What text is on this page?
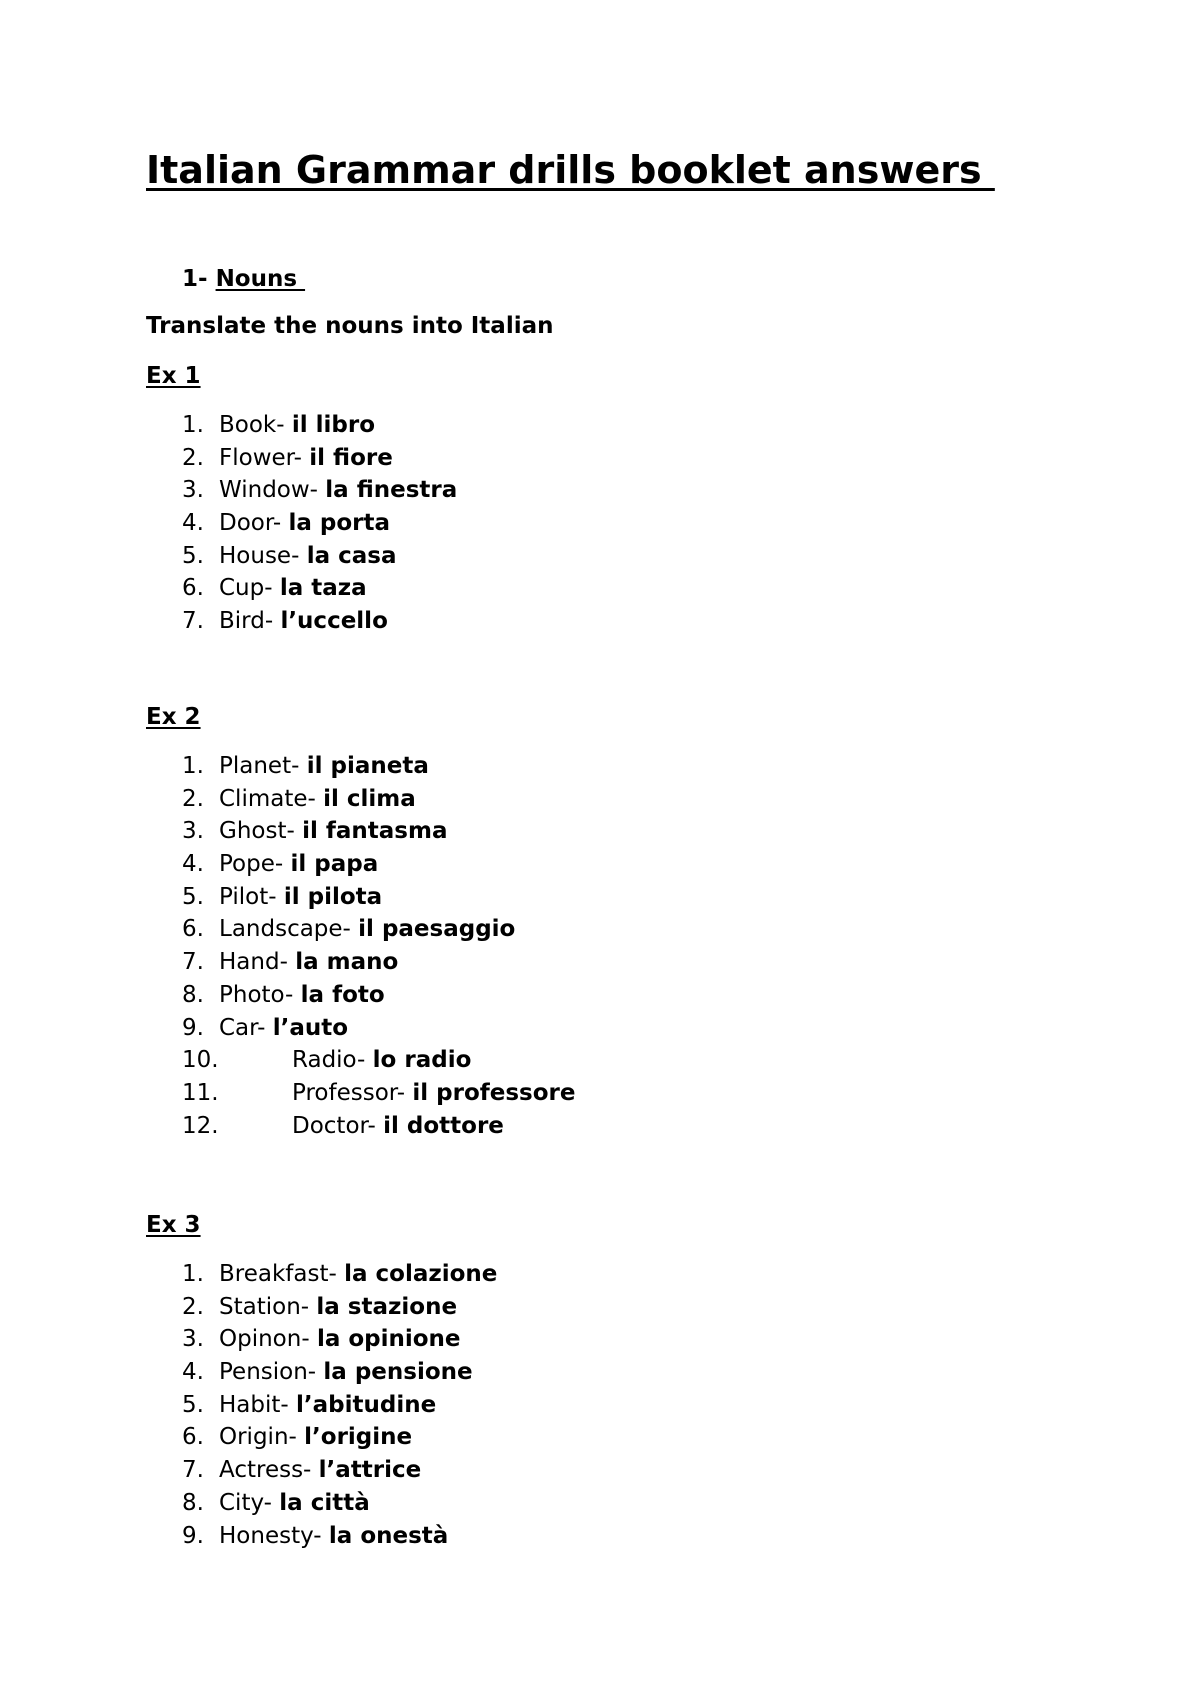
Italian Grammar drills booklet answers
1- Nouns
Translate the nouns into Italian
Ex 1
1. Book- il libro
2. Flower- il fiore
3. Window- la finestra
4. Door- la porta
5. House- la casa
6. Cup- la taza
7. Bird- l’uccello
Ex 2
1. Planet- il pianeta
2. Climate- il clima
3. Ghost- il fantasma
4. Pope- il papa
5. Pilot- il pilota
6. Landscape- il paesaggio
7. Hand- la mano
8. Photo- la foto
9. Car- l’auto
10.	Radio- lo radio
11.	Professor- il professore
12.	Doctor- il dottore
Ex 3
1. Breakfast- la colazione
2. Station- la stazione
3. Opinon- la opinione
4. Pension- la pensione
5. Habit- l’abitudine
6. Origin- l’origine
7. Actress- l’attrice
8. City- la città
9. Honesty- la onestà
